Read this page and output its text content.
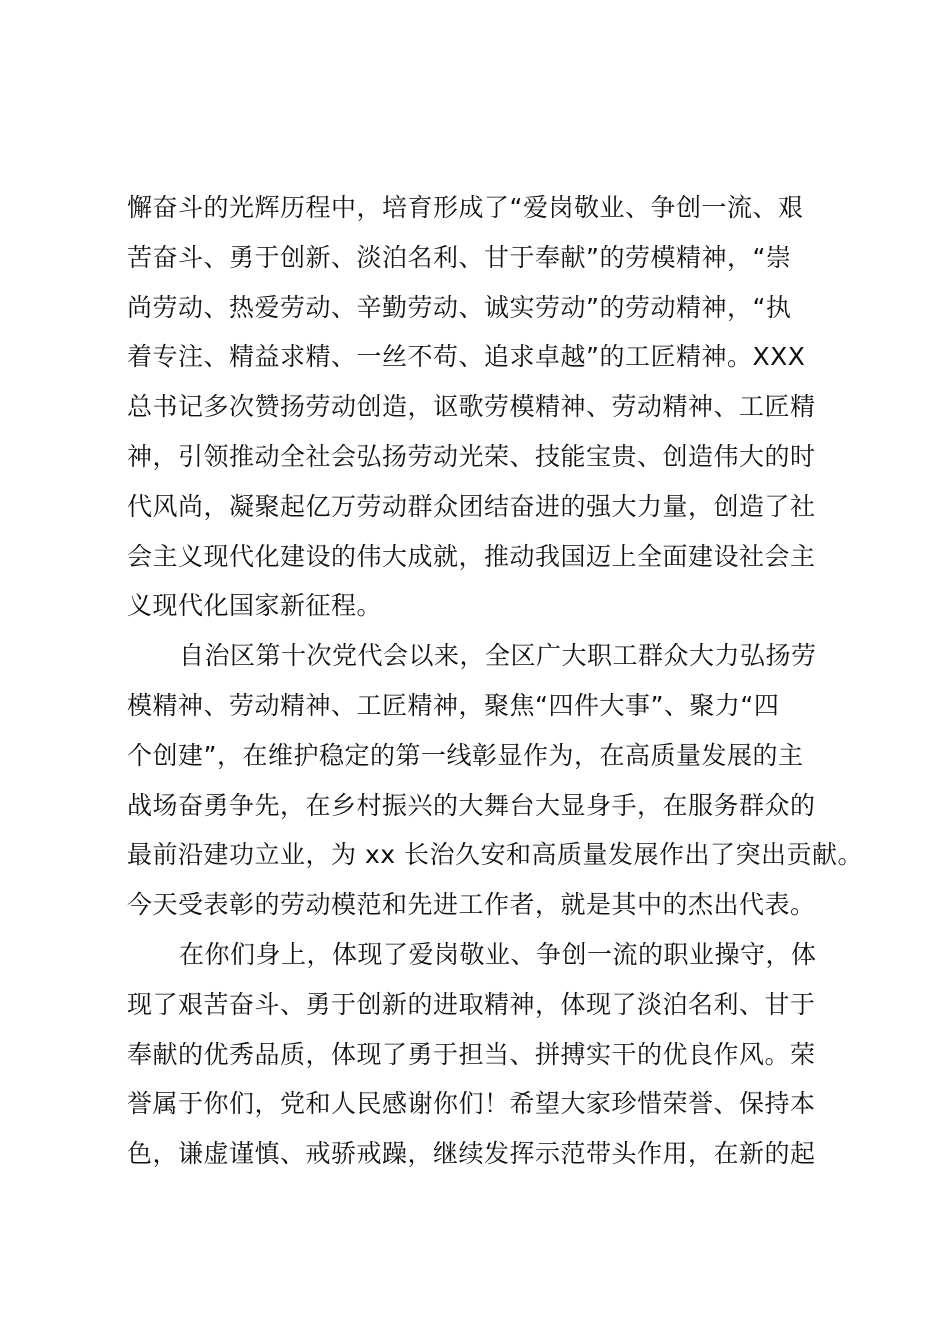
懈奋斗的光辉历程中，培育形成了“爱岗敬业、争创一流、艰
苦奋斗、勇于创新、淡泊名利、甘于奉献”的劳模精神，“崇
尚劳动、热爱劳动、辛勤劳动、诚实劳动”的劳动精神，“执
着专注、精益求精、一丝不苟、追求卓越”的工匠精神。XXX
总书记多次赞扬劳动创造，讴歌劳模精神、劳动精神、工匠精
神，引领推动全社会弘扬劳动光荣、技能宝贵、创造伟大的时
代风尚，凝聚起亿万劳动群众团结奋进的强大力量，创造了社
会主义现代化建设的伟大成就，推动我国迈上全面建设社会主
义现代化国家新征程。
自治区第十次党代会以来，全区广大职工群众大力弘扬劳
模精神、劳动精神、工匠精神，聚焦“四件大事”、聚力“四
个创建”，在维护稳定的第一线彰显作为，在高质量发展的主
战场奋勇争先，在乡村振兴的大舞台大显身手，在服务群众的
最前沿建功立业，为 xx 长治久安和高质量发展作出了突出贡献。
今天受表彰的劳动模范和先进工作者，就是其中的杰出代表。
在你们身上，体现了爱岗敬业、争创一流的职业操守，体
现了艰苦奋斗、勇于创新的进取精神，体现了淡泊名利、甘于
奉献的优秀品质，体现了勇于担当、拼搏实干的优良作风。荣
誉属于你们，党和人民感谢你们！希望大家珍惜荣誉、保持本
色，谦虚谨慎、戒骄戒躁，继续发挥示范带头作用，在新的起
